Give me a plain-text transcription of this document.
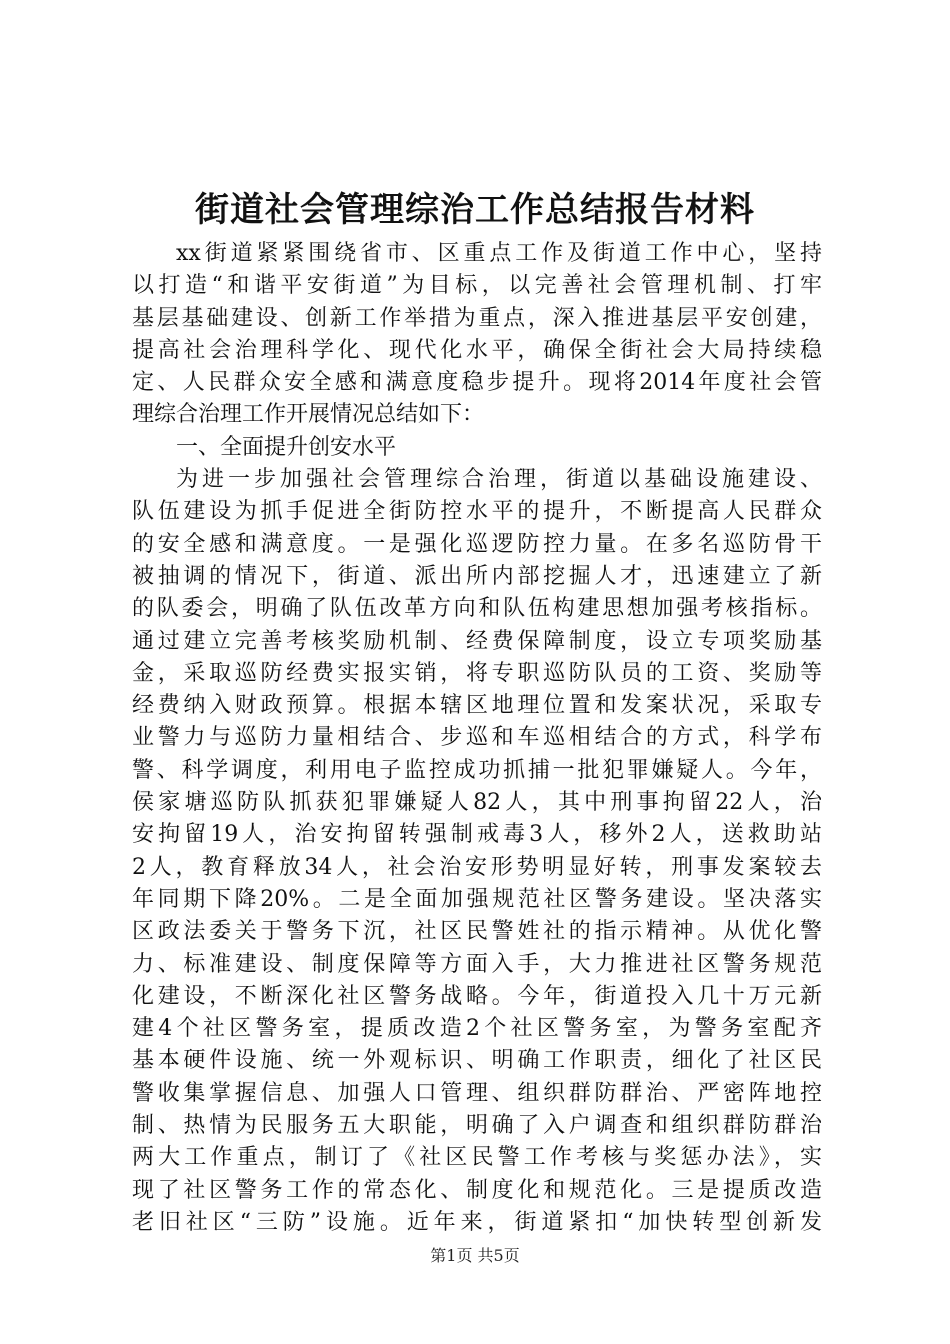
街道社会管理综治工作总结报告材料
xx街道紧紧围绕省市、区重点工作及街道工作中心，坚持
以打造“和谐平安街道”为目标，以完善社会管理机制、打牢
基层基础建设、创新工作举措为重点，深入推进基层平安创建，
提高社会治理科学化、现代化水平，确保全街社会大局持续稳
定、人民群众安全感和满意度稳步提升。现将2014年度社会管
理综合治理工作开展情况总结如下：
一、全面提升创安水平
为进一步加强社会管理综合治理，街道以基础设施建设、
队伍建设为抓手促进全街防控水平的提升，不断提高人民群众
的安全感和满意度。一是强化巡逻防控力量。在多名巡防骨干
被抽调的情况下，街道、派出所内部挖掘人才，迅速建立了新
的队委会，明确了队伍改革方向和队伍构建思想加强考核指标。
通过建立完善考核奖励机制、经费保障制度，设立专项奖励基
金，采取巡防经费实报实销，将专职巡防队员的工资、奖励等
经费纳入财政预算。根据本辖区地理位置和发案状况，采取专
业警力与巡防力量相结合、步巡和车巡相结合的方式，科学布
警、科学调度，利用电子监控成功抓捕一批犯罪嫌疑人。今年，
侯家塘巡防队抓获犯罪嫌疑人82人，其中刑事拘留22人，治
安拘留19人，治安拘留转强制戒毒3人，移外2人，送救助站
2人，教育释放34人，社会治安形势明显好转，刑事发案较去
年同期下降20%。二是全面加强规范社区警务建设。坚决落实
区政法委关于警务下沉，社区民警姓社的指示精神。从优化警
力、标准建设、制度保障等方面入手，大力推进社区警务规范
化建设，不断深化社区警务战略。今年，街道投入几十万元新
建4个社区警务室，提质改造2个社区警务室，为警务室配齐
基本硬件设施、统一外观标识、明确工作职责，细化了社区民
警收集掌握信息、加强人口管理、组织群防群治、严密阵地控
制、热情为民服务五大职能，明确了入户调查和组织群防群治
两大工作重点，制订了《社区民警工作考核与奖惩办法》，实
现了社区警务工作的常态化、制度化和规范化。三是提质改造
老旧社区“三防”设施。近年来，街道紧扣“加快转型创新发
第1页 共5页
